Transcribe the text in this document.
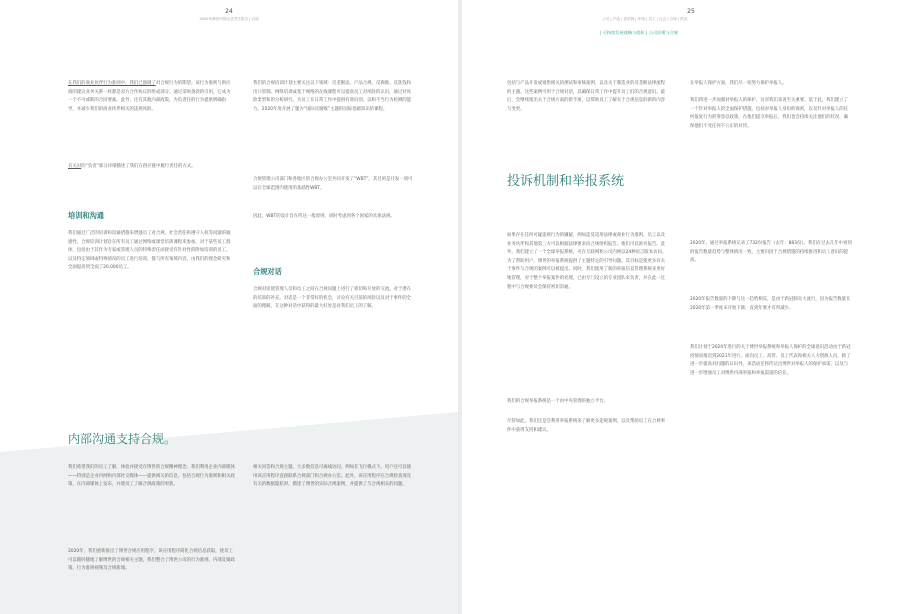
24
2020年博世中国企业责任报告 | 合规

在我们的商业伙伴行为准则中，我们已强调了对合规行为的期望。该行为准则与供应商的建议业务关系一样都是双方合作协议的组成部分。通过采购条款的引用，它成为一个不可或缺的合同要素。此外，还有其他内部政策，为负责任的行为提供明确指导，并减少我们的商业伙伴相关的违规风险。

有关对的“负责”部分详细描述了我们在供应链中履行责任的方式。

培训和沟通

我们通过广泛的培训和沟通措施来增强员工对合规、社会责任和遵守人权等问题的敏感性。合规培训计划旨在所有员工通过网络或课堂培训课程来参加。对于某些员工群体，包括由于其作为专家或管理人员的特殊责任而接受有针对性的附加培训的员工，以及特定领域或特殊情况的员工进行培训，都与所有领域内容，由我们的理念研究和全面提高到全面了20,000员工。

我们的合规培训计划主要关注以下领域：反垄断法、产品合规、反腐败、反洗钱和出口管制。网络培训或基于网络的在线课程可以提高员工对风险的认识，通过对风险类型和的分析研究，为员工在日常工作中提供有效识别，以和不当行为检测的能力。2020年度开展了题为“国际反腐败”主题的国际基础知识的课程。

合规管理公司部门和各地区的合规办公室共同开发了“WBT”。其目的是开发一项可以在全球范围内使用的基础性WBT。

因此，WBT的设计旨在传达一般原则，同时考虑到各个国家的具体法规。

合规对话

合规对话使管理人员和员工之间在合规问题上进行了密切和开放的交流。对于潜在的培训的补充，对话是一个非常好的机会，讨论有关目前的风险以及对于事件的全面的理解，在这种对话中获得的最大好处是对我们员工的了解。

内部沟通支持合规。

我们希望我们的员工了解，体验并接受在博世的合规精神理念。我们利用企业内部媒体——特别是企业内网和内部社交媒体——提供相关的信息，包括合规行为准则和相关政策，在内部媒体上发布，并使员工了解合规政策的更新。

2020年，我们重新推出了博世合规应用程序，该应用程序简化合规信息获取，使员工可以随时随地了解博世的合规相关主题，我们整合了博世公司的行为准则、内部反腐政策、行为准则视频及合规新闻。

相关问答和合规主题，大多数信息可离线访问，例如在飞行模式下。用户还可以使用该应用程序直接联系合规部门和合规办公室。此外，该应用程序在合规检查项及有关的数据隐私时，描述了博世的实际合规案例，并提供了与合规相关的问题。

25
公司 | 产品 | 供应链 | 环境 | 员工 | 社会 | 合规 | 附录
| 可持续发展战略与组织 | 公司治理与合规

包括与产品开发或销售相关的测试和审核案例，以及关于制造业的反垄断法律流程的主题。这些案例可用于合规对话，以确保日常工作中提升员工们的合规意识。最后，会继续推出关于合规方面的新手册，以帮助员工了解关于合规信息的新的内容与变更。

投诉机制和举报系统

如果存在任何可疑违规行为的嫌疑，例如违反适用法律或商业行为准则，员工以及业务伙伴和其他第三方可以根据法律要求向合规组织报告。他们可以匿名报告。此外，我们建立了一个全球举报系统，可在互联网和公司内网以24种语言版本访问。为了帮助用户，博世的举报系统提供了主题特定的引导问题。其目标是使更多有关于事件与合规的案例可以被提出。同时，我们使用了新的举报信息管理系统来更好地管理，对于整个举报案件的处理，已由专门设立的专业团队来负责，并在此一过程中与合规委员会保持密切沟通。

我们的合规举报系统是一个由中央管理的独立平台。

尽管如此，我们还是会利用举报系统来了解更多违规案例，以及帮助员工在合规事件中获得支持和建议。

在举报人保护方面，我们尽一切努力保护举报人。

我们将进一步加强对举报人的保护，这对我们来说至关重要。基于此，我们建立了一个针对举报人的全面保护措施，包括对举报人身份的保密，以及针对举报人的任何报复行为的零容忍政策，在他们提交举报后，我们也会持续关注他们的状况，确保他们不受任何不公正的对待。

2020年，通过举报系统记录了732份报告（去年：883份）。我们在过去几年中看到的报告数量趋势与整体情况一致，主要归因于合规措施的持续推进和员工意识的提高。

2020年报告数量的下降与这一趋势相反，是由于新冠肺炎大流行，因为报告数量在2020年第一季度末开始下降，直到年底才有所减少。

我们计划于2020年进行的关于博世举报系统和举报人保护的全球意识活动由于新冠疫情而推迟到2021年进行。面向员工、高管、员工代表和相关人力资源人员，除了进一步提高对问题的认识外，该活动还将传达出博世对举报人的保护承诺，以及与进一步增强员工对博世内部举报和举报渠道的信任。
